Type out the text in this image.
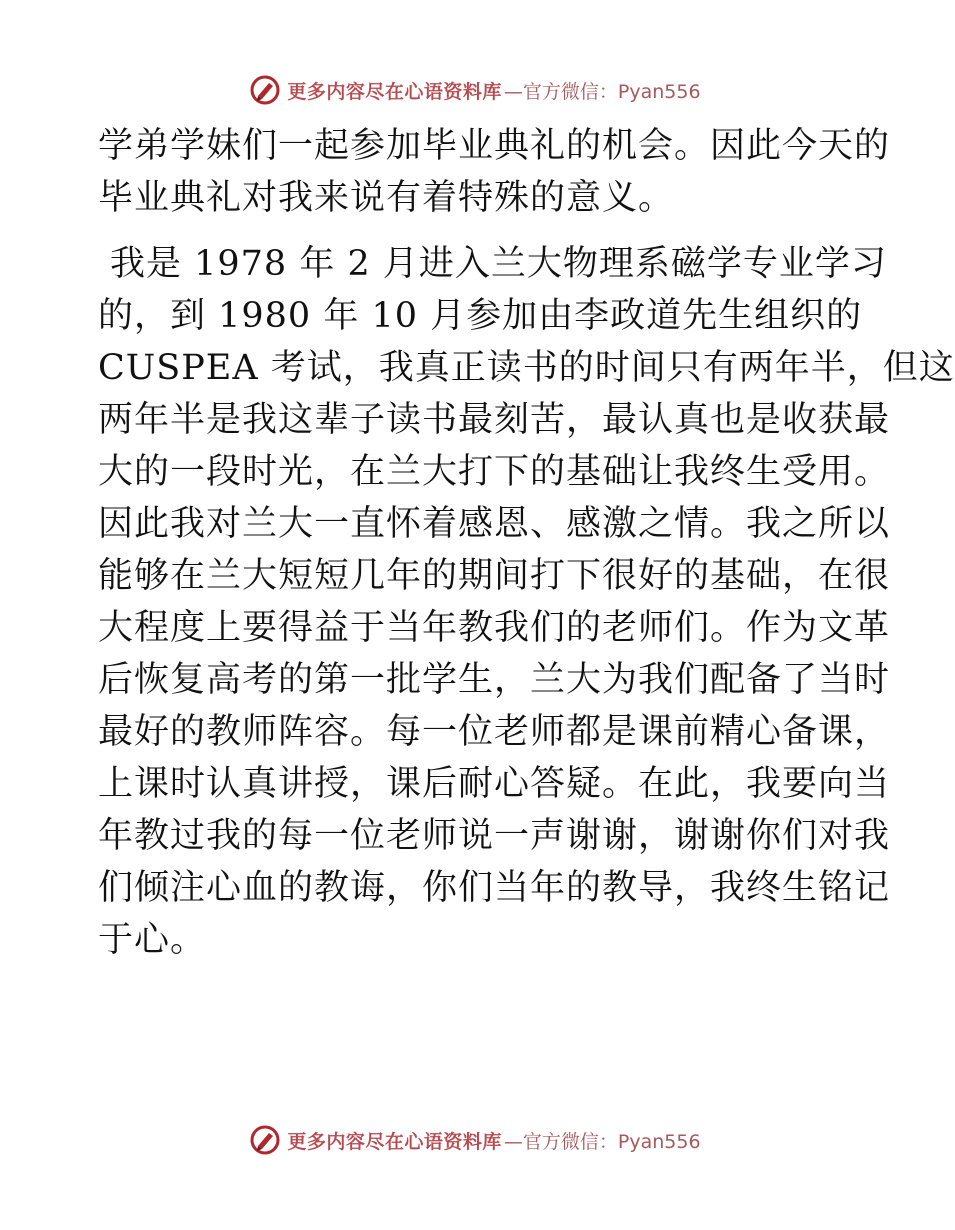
更多内容尽在心语资料库 —官方微信：Pyan556
学弟学妹们一起参加毕业典礼的机会。因此今天的
毕业典礼对我来说有着特殊的意义。
我是 1978 年 2 月进入兰大物理系磁学专业学习
的，到 1980 年 10 月参加由李政道先生组织的
CUSPEA 考试，我真正读书的时间只有两年半，但这
两年半是我这辈子读书最刻苦，最认真也是收获最
大的一段时光，在兰大打下的基础让我终生受用。
因此我对兰大一直怀着感恩、感激之情。我之所以
能够在兰大短短几年的期间打下很好的基础，在很
大程度上要得益于当年教我们的老师们。作为文革
后恢复高考的第一批学生，兰大为我们配备了当时
最好的教师阵容。每一位老师都是课前精心备课，
上课时认真讲授，课后耐心答疑。在此，我要向当
年教过我的每一位老师说一声谢谢，谢谢你们对我
们倾注心血的教诲，你们当年的教导，我终生铭记
于心。
更多内容尽在心语资料库 —官方微信：Pyan556
